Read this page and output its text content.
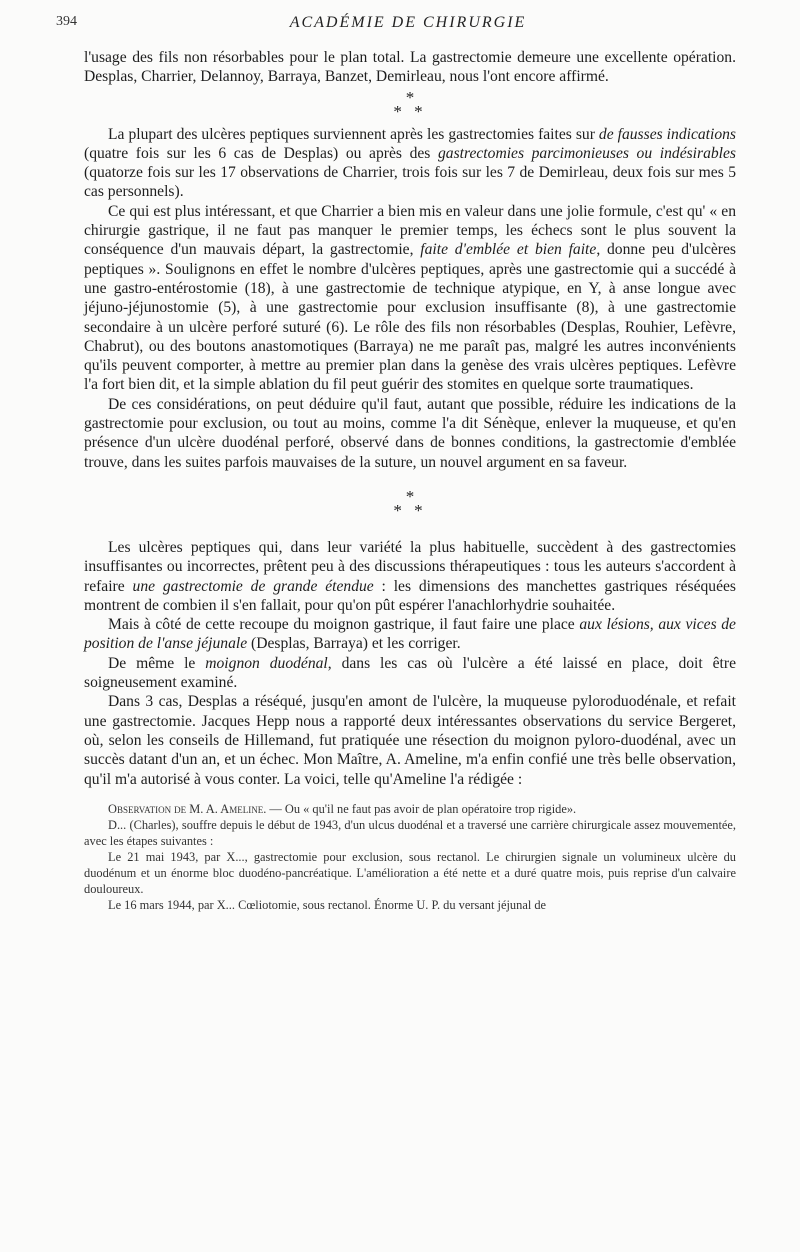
394	ACADÉMIE DE CHIRURGIE

l'usage des fils non résorbables pour le plan total. La gastrectomie demeure une excellente opération. Desplas, Charrier, Delannoy, Barraya, Banzet, Demirleau, nous l'ont encore affirmé.

*
* *

La plupart des ulcères peptiques surviennent après les gastrectomies faites sur de fausses indications (quatre fois sur les 6 cas de Desplas) ou après des gastrectomies parcimonieuses ou indésirables (quatorze fois sur les 17 observations de Charrier, trois fois sur les 7 de Demirleau, deux fois sur mes 5 cas personnels).

Ce qui est plus intéressant, et que Charrier a bien mis en valeur dans une jolie formule, c'est qu' « en chirurgie gastrique, il ne faut pas manquer le premier temps, les échecs sont le plus souvent la conséquence d'un mauvais départ, la gastrectomie, faite d'emblée et bien faite, donne peu d'ulcères peptiques ». Soulignons en effet le nombre d'ulcères peptiques, après une gastrectomie qui a succédé à une gastro-entérostomie (18), à une gastrectomie de technique atypique, en Y, à anse longue avec jéjuno-jéjunostomie (5), à une gastrectomie pour exclusion insuffisante (8), à une gastrectomie secondaire à un ulcère perforé suturé (6). Le rôle des fils non résorbables (Desplas, Rouhier, Lefèvre, Chabrut), ou des boutons anastomotiques (Barraya) ne me paraît pas, malgré les autres inconvénients qu'ils peuvent comporter, à mettre au premier plan dans la genèse des vrais ulcères peptiques. Lefèvre l'a fort bien dit, et la simple ablation du fil peut guérir des stomites en quelque sorte traumatiques.

De ces considérations, on peut déduire qu'il faut, autant que possible, réduire les indications de la gastrectomie pour exclusion, ou tout au moins, comme l'a dit Sénèque, enlever la muqueuse, et qu'en présence d'un ulcère duodénal perforé, observé dans de bonnes conditions, la gastrectomie d'emblée trouve, dans les suites parfois mauvaises de la suture, un nouvel argument en sa faveur.

*
* *

Les ulcères peptiques qui, dans leur variété la plus habituelle, succèdent à des gastrectomies insuffisantes ou incorrectes, prêtent peu à des discussions thérapeutiques : tous les auteurs s'accordent à refaire une gastrectomie de grande étendue : les dimensions des manchettes gastriques réséquées montrent de combien il s'en fallait, pour qu'on pût espérer l'anachlorhydrie souhaitée.

Mais à côté de cette recoupe du moignon gastrique, il faut faire une place aux lésions, aux vices de position de l'anse jéjunale (Desplas, Barraya) et les corriger.

De même le moignon duodénal, dans les cas où l'ulcère a été laissé en place, doit être soigneusement examiné.

Dans 3 cas, Desplas a réséqué, jusqu'en amont de l'ulcère, la muqueuse pyloroduodénale, et refait une gastrectomie. Jacques Hepp nous a rapporté deux intéressantes observations du service Bergeret, où, selon les conseils de Hillemand, fut pratiquée une résection du moignon pyloro-duodénal, avec un succès datant d'un an, et un échec. Mon Maître, A. Ameline, m'a enfin confié une très belle observation, qu'il m'a autorisé à vous conter. La voici, telle qu'Ameline l'a rédigée :

Observation de M. A. Ameline. — Ou « qu'il ne faut pas avoir de plan opératoire trop rigide».

D... (Charles), souffre depuis le début de 1943, d'un ulcus duodénal et a traversé une carrière chirurgicale assez mouvementée, avec les étapes suivantes :

Le 21 mai 1943, par X..., gastrectomie pour exclusion, sous rectanol. Le chirurgien signale un volumineux ulcère du duodénum et un énorme bloc duodéno-pancréatique. L'amélioration a été nette et a duré quatre mois, puis reprise d'un calvaire douloureux.

Le 16 mars 1944, par X... Cœliotomie, sous rectanol. Énorme U. P. du versant jéjunal de
